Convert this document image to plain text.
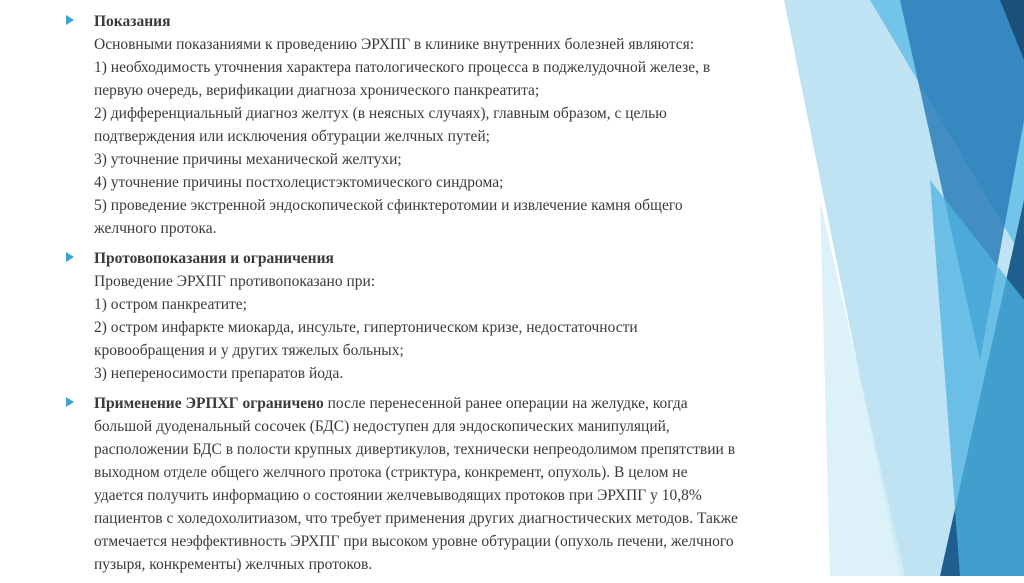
Показания
Основными показаниями к проведению ЭРХПГ в клинике внутренних болезней являются:
1) необходимость уточнения характера патологического процесса в поджелудочной железе, в
первую очередь, верификации диагноза хронического панкреатита;
2) дифференциальный диагноз желтух (в неясных случаях), главным образом, с целью
подтверждения или исключения обтурации желчных путей;
3) уточнение причины механической желтухи;
4) уточнение причины постхолецистэктомического синдрома;
5) проведение экстренной эндоскопической сфинктеротомии и извлечение камня общего
желчного протока.
Протовопоказания и ограничения
Проведение ЭРХПГ противопоказано при:
1) остром панкреатите;
2) остром инфаркте миокарда, инсульте, гипертоническом кризе, недостаточности
кровообращения и у других тяжелых больных;
3) непереносимости препаратов йода.
Применение ЭРПХГ ограничено после перенесенной ранее операции на желудке, когда
большой дуоденальный сосочек (БДС) недоступен для эндоскопических манипуляций,
расположении БДС в полости крупных дивертикулов, технически непреодолимом препятствии в
выходном отделе общего желчного протока (стриктура, конкремент, опухоль). В целом не
удается получить информацию о состоянии желчевыводящих протоков при ЭРХПГ у 10,8%
пациентов с холедохолитиазом, что требует применения других диагностических методов. Также
отмечается неэффективность ЭРХПГ при высоком уровне обтурации (опухоль печени, желчного
пузыря, конкременты) желчных протоков.
